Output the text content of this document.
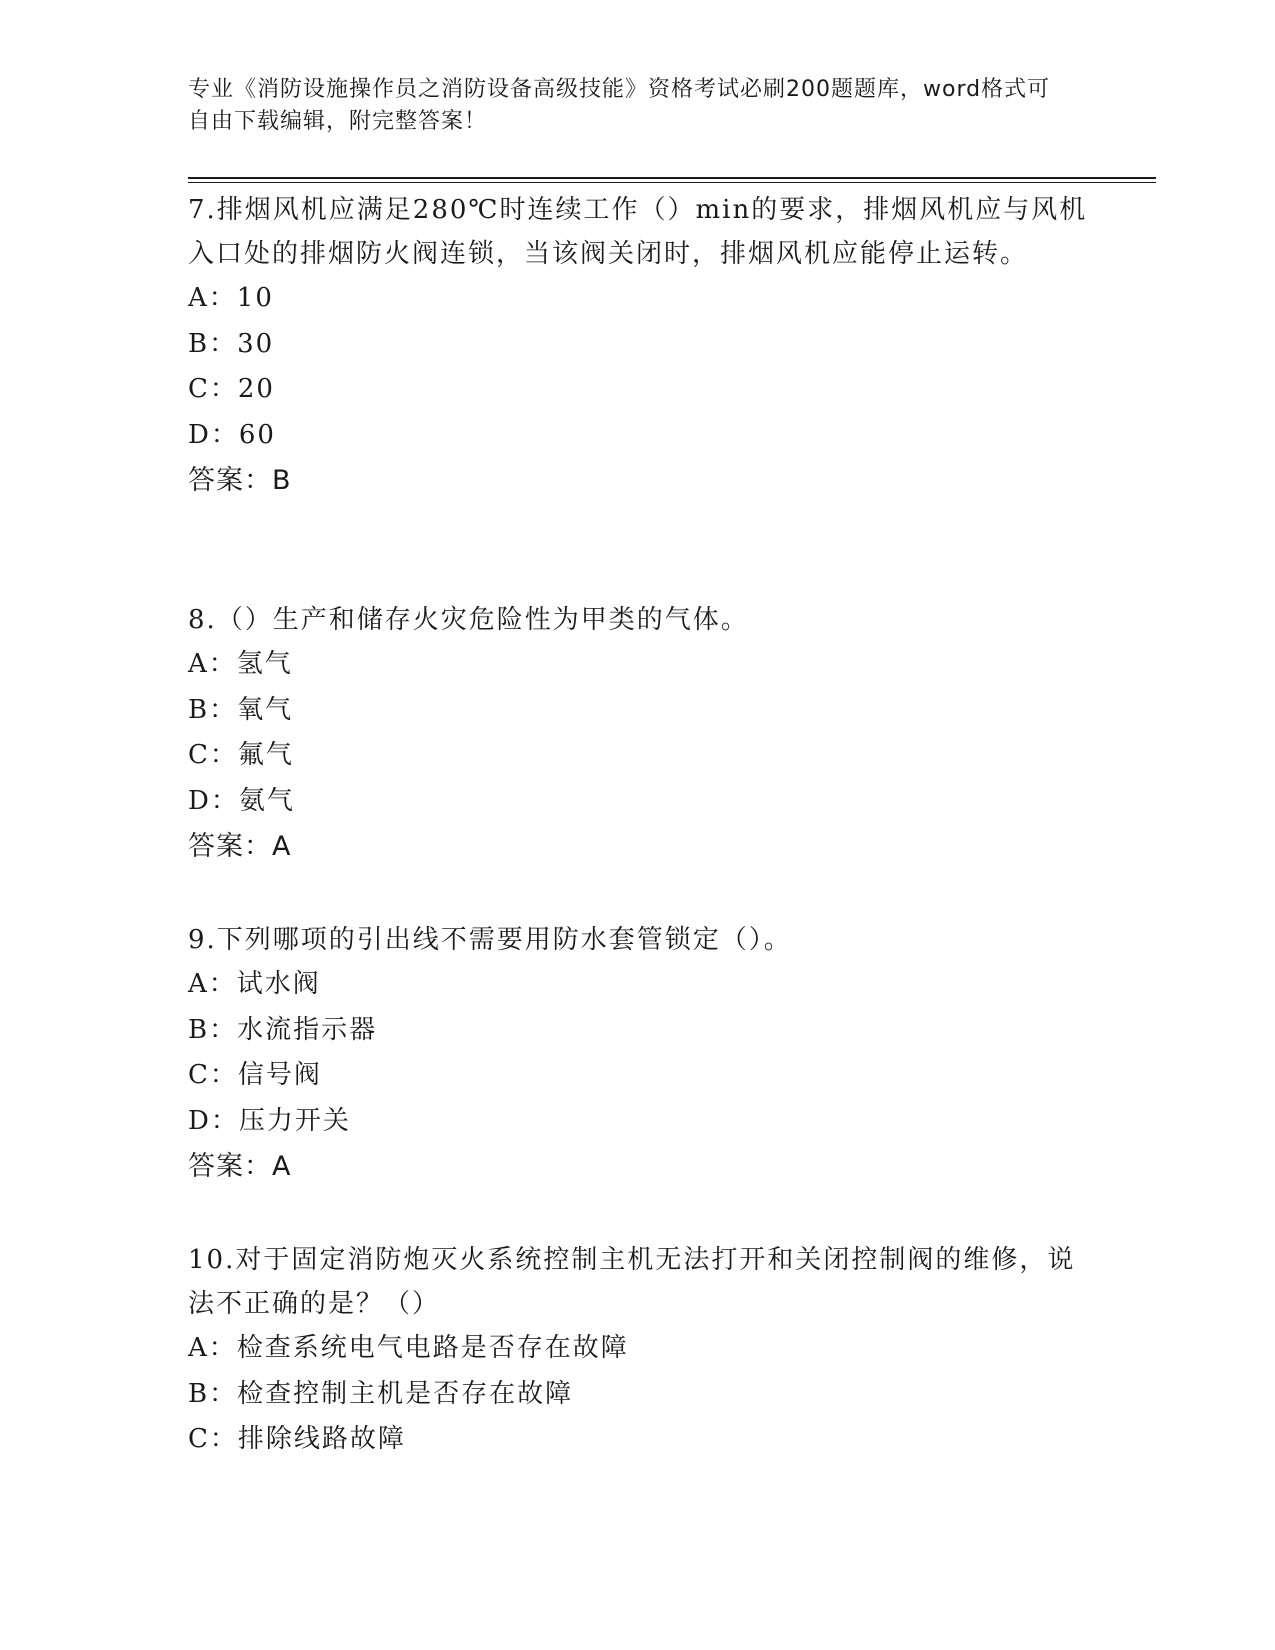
专业《消防设施操作员之消防设备高级技能》资格考试必刷200题题库，word格式可自由下载编辑，附完整答案！

7.排烟风机应满足280℃时连续工作（）min的要求，排烟风机应与风机入口处的排烟防火阀连锁，当该阀关闭时，排烟风机应能停止运转。

A：10

B：30

C：20

D：60

答案：B

8.（）生产和储存火灾危险性为甲类的气体。

A：氢气

B：氧气

C：氟气

D：氨气

答案：A

9.下列哪项的引出线不需要用防水套管锁定（）。

A：试水阀

B：水流指示器

C：信号阀

D：压力开关

答案：A

10.对于固定消防炮灭火系统控制主机无法打开和关闭控制阀的维修，说法不正确的是？（）

A：检查系统电气电路是否存在故障

B：检查控制主机是否存在故障

C：排除线路故障
